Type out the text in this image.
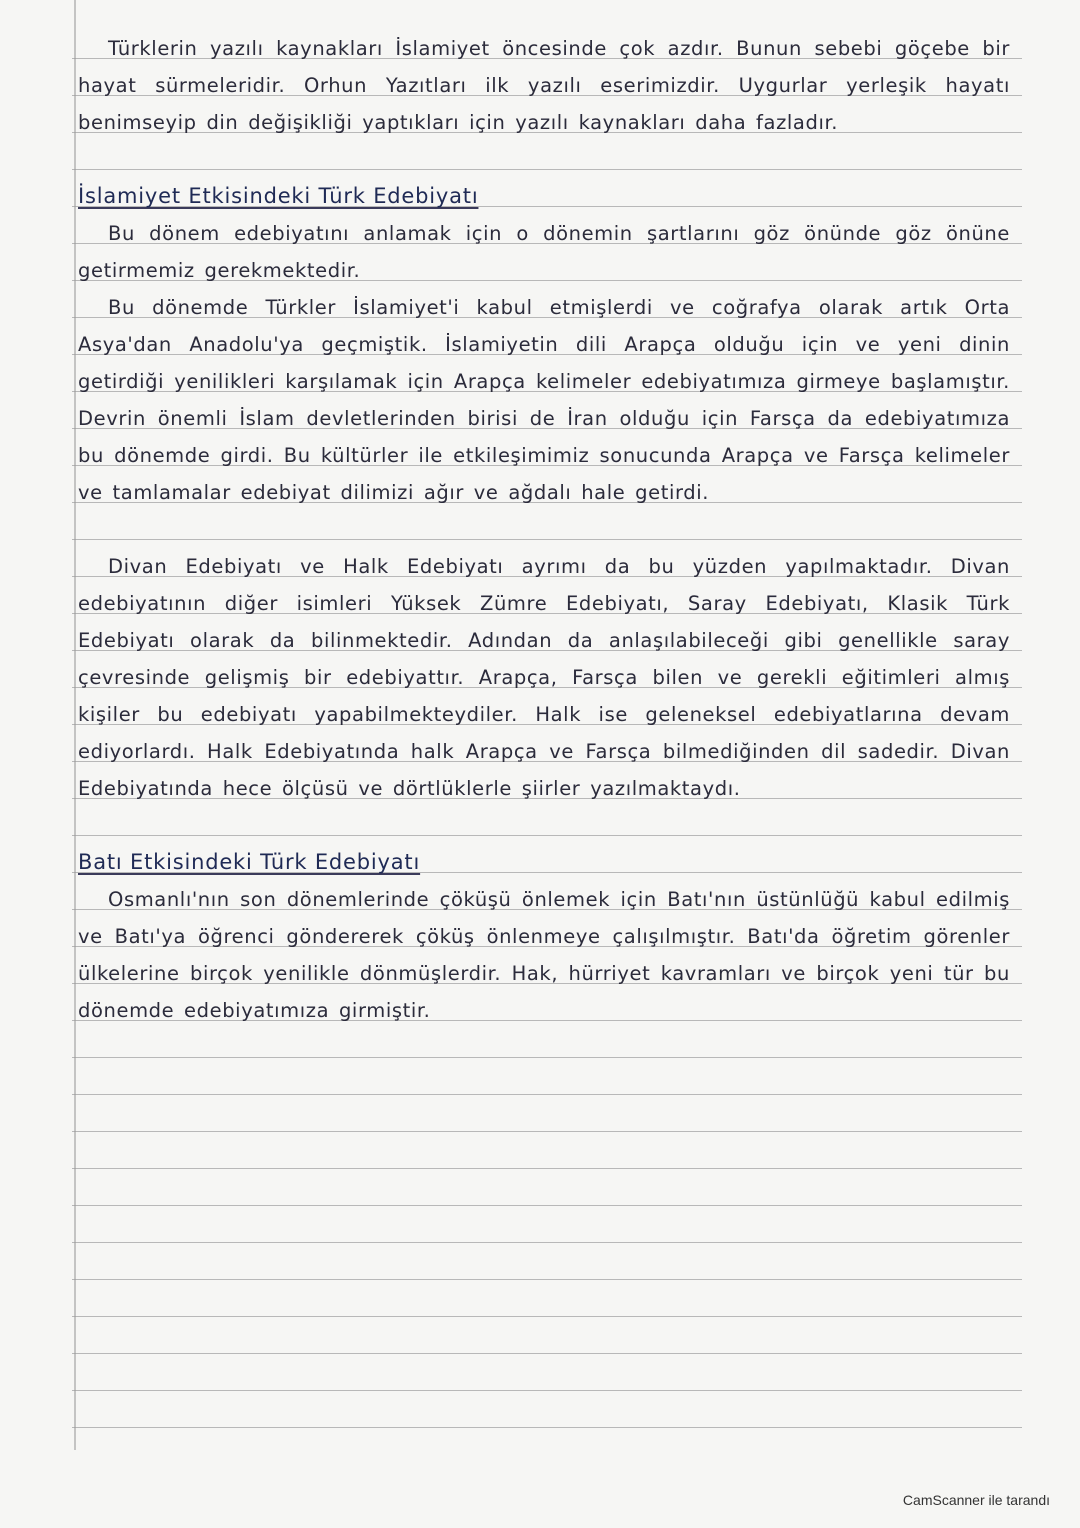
Türklerin yazılı kaynakları İslamiyet öncesinde çok azdır. Bunun sebebi göçebe bir hayat sürmeleridir. Orhun Yazıtları ilk yazılı eserimizdir. Uygurlar yerleşik hayatı benimseyip din değişikliği yaptıkları için yazılı kaynakları daha fazladır.

İslamiyet Etkisindeki Türk Edebiyatı

Bu dönem edebiyatını anlamak için o dönemin şartlarını göz önünde göz önüne getirmemiz gerekmektedir.

Bu dönemde Türkler İslamiyet'i kabul etmişlerdi ve coğrafya olarak artık Orta Asya'dan Anadolu'ya geçmiştik. İslamiyetin dili Arapça olduğu için ve yeni dinin getirdiği yenilikleri karşılamak için Arapça kelimeler edebiyatımıza girmeye başlamıştır. Devrin önemli İslam devletlerinden birisi de İran olduğu için Farsça da edebiyatımıza bu dönemde girdi. Bu kültürler ile etkileşimimiz sonucunda Arapça ve Farsça kelimeler ve tamlamalar edebiyat dilimizi ağır ve ağdalı hale getirdi.

Divan Edebiyatı ve Halk Edebiyatı ayrımı da bu yüzden yapılmaktadır. Divan edebiyatının diğer isimleri Yüksek Zümre Edebiyatı, Saray Edebiyatı, Klasik Türk Edebiyatı olarak da bilinmektedir. Adından da anlaşılabileceği gibi genellikle saray çevresinde gelişmiş bir edebiyattır. Arapça, Farsça bilen ve gerekli eğitimleri almış kişiler bu edebiyatı yapabilmekteydiler. Halk ise geleneksel edebiyatlarına devam ediyorlardı. Halk Edebiyatında halk Arapça ve Farsça bilmediğinden dil sadedir. Divan Edebiyatında hece ölçüsü ve dörtlüklerle şiirler yazılmaktaydı.

Batı Etkisindeki Türk Edebiyatı

Osmanlı'nın son dönemlerinde çöküşü önlemek için Batı'nın üstünlüğü kabul edilmiş ve Batı'ya öğrenci göndererek çöküş önlenmeye çalışılmıştır. Batı'da öğretim görenler ülkelerine birçok yenilikle dönmüşlerdir. Hak, hürriyet kavramları ve birçok yeni tür bu dönemde edebiyatımıza girmiştir.

CamScanner ile tarandı
